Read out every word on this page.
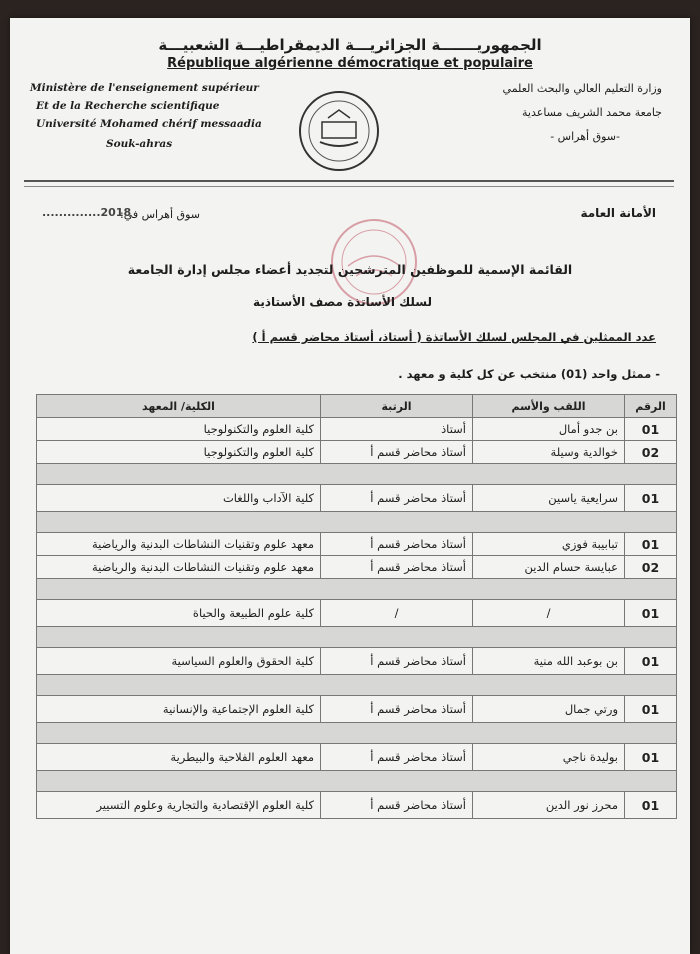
الجمهوريـــــــة الجزائريـــة الديمقراطيـــة الشعبيـــة
République algérienne démocratique et populaire
Ministère de l'enseignement supérieur
Et de la Recherche scientifique
Université Mohamed chérif messaadia
Souk-ahras
وزارة التعليم العالي والبحث العلمي
جامعة محمد الشريف مساعدية
-سوق أهراس -
الأمانة العامة
سوق أهراس في:
..............2018
القائمة الإسمية للموظفين المترشحين لتجديد أعضاء مجلس إدارة الجامعة
لسلك الأساتذة مصف الأستاذية
عدد الممثلين في المجلس لسلك الأساتذة ( أستاذ، أستاذ محاضر قسم أ )
- ممثل واحد (01) منتخب عن كل كلية و معهد .
الرقم	اللقب والأسم	الرتبة	الكلية/ المعهد
01	بن جدو أمال	أستاذ	كلية العلوم والتكنولوجيا
02	خوالدية وسيلة	أستاذ محاضر قسم أ	كلية العلوم والتكنولوجيا

01	سرايعية ياسين	أستاذ محاضر قسم أ	كلية الآداب واللغات

01	تبابيبة فوزي	أستاذ محاضر قسم أ	معهد علوم وتقنيات النشاطات البدنية والرياضية
02	عبايسة حسام الدين	أستاذ محاضر قسم أ	معهد علوم وتقنيات النشاطات البدنية والرياضية

01	/	/	كلية علوم الطبيعة والحياة

01	بن بوعبد الله منية	أستاذ محاضر قسم أ	كلية الحقوق والعلوم السياسية

01	ورتي جمال	أستاذ محاضر قسم أ	كلية العلوم الإجتماعية والإنسانية

01	بوليدة ناجي	أستاذ محاضر قسم أ	معهد العلوم الفلاحية والبيطرية

01	محرز نور الدين	أستاذ محاضر قسم أ	كلية العلوم الإقتصادية والتجارية وعلوم التسيير
